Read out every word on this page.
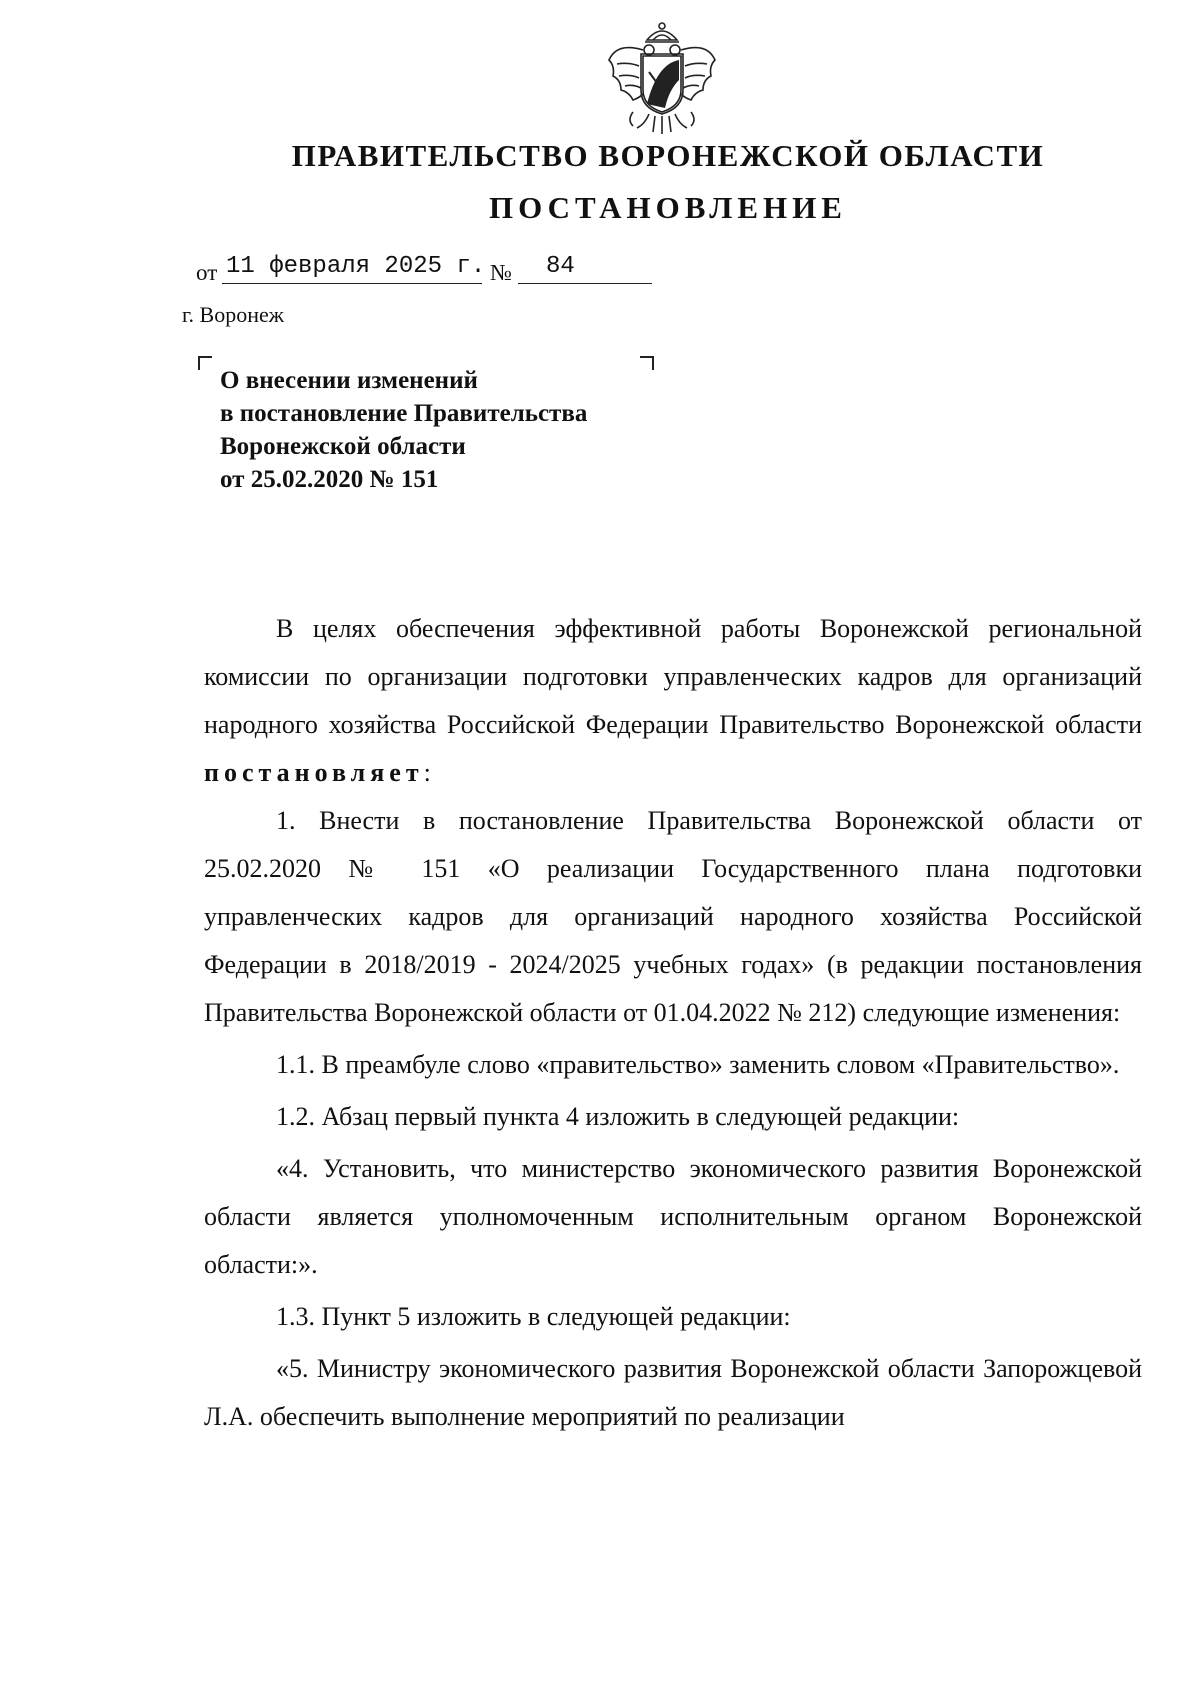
ПРАВИТЕЛЬСТВО ВОРОНЕЖСКОЙ ОБЛАСТИ
ПОСТАНОВЛЕНИЕ
от 11 февраля 2025 г. № 84
г. Воронеж
О внесении изменений
в постановление Правительства
Воронежской области
от 25.02.2020 № 151

В целях обеспечения эффективной работы Воронежской региональной комиссии по организации подготовки управленческих кадров для организаций народного хозяйства Российской Федерации Правительство Воронежской области постановляет:

1. Внести в постановление Правительства Воронежской области от 25.02.2020 № 151 «О реализации Государственного плана подготовки управленческих кадров для организаций народного хозяйства Российской Федерации в 2018/2019 - 2024/2025 учебных годах» (в редакции постановления Правительства Воронежской области от 01.04.2022 № 212) следующие изменения:

1.1. В преамбуле слово «правительство» заменить словом «Правительство».

1.2. Абзац первый пункта 4 изложить в следующей редакции:

«4. Установить, что министерство экономического развития Воронежской области является уполномоченным исполнительным органом Воронежской области:».

1.3. Пункт 5 изложить в следующей редакции:

«5. Министру экономического развития Воронежской области Запорожцевой Л.А. обеспечить выполнение мероприятий по реализации
